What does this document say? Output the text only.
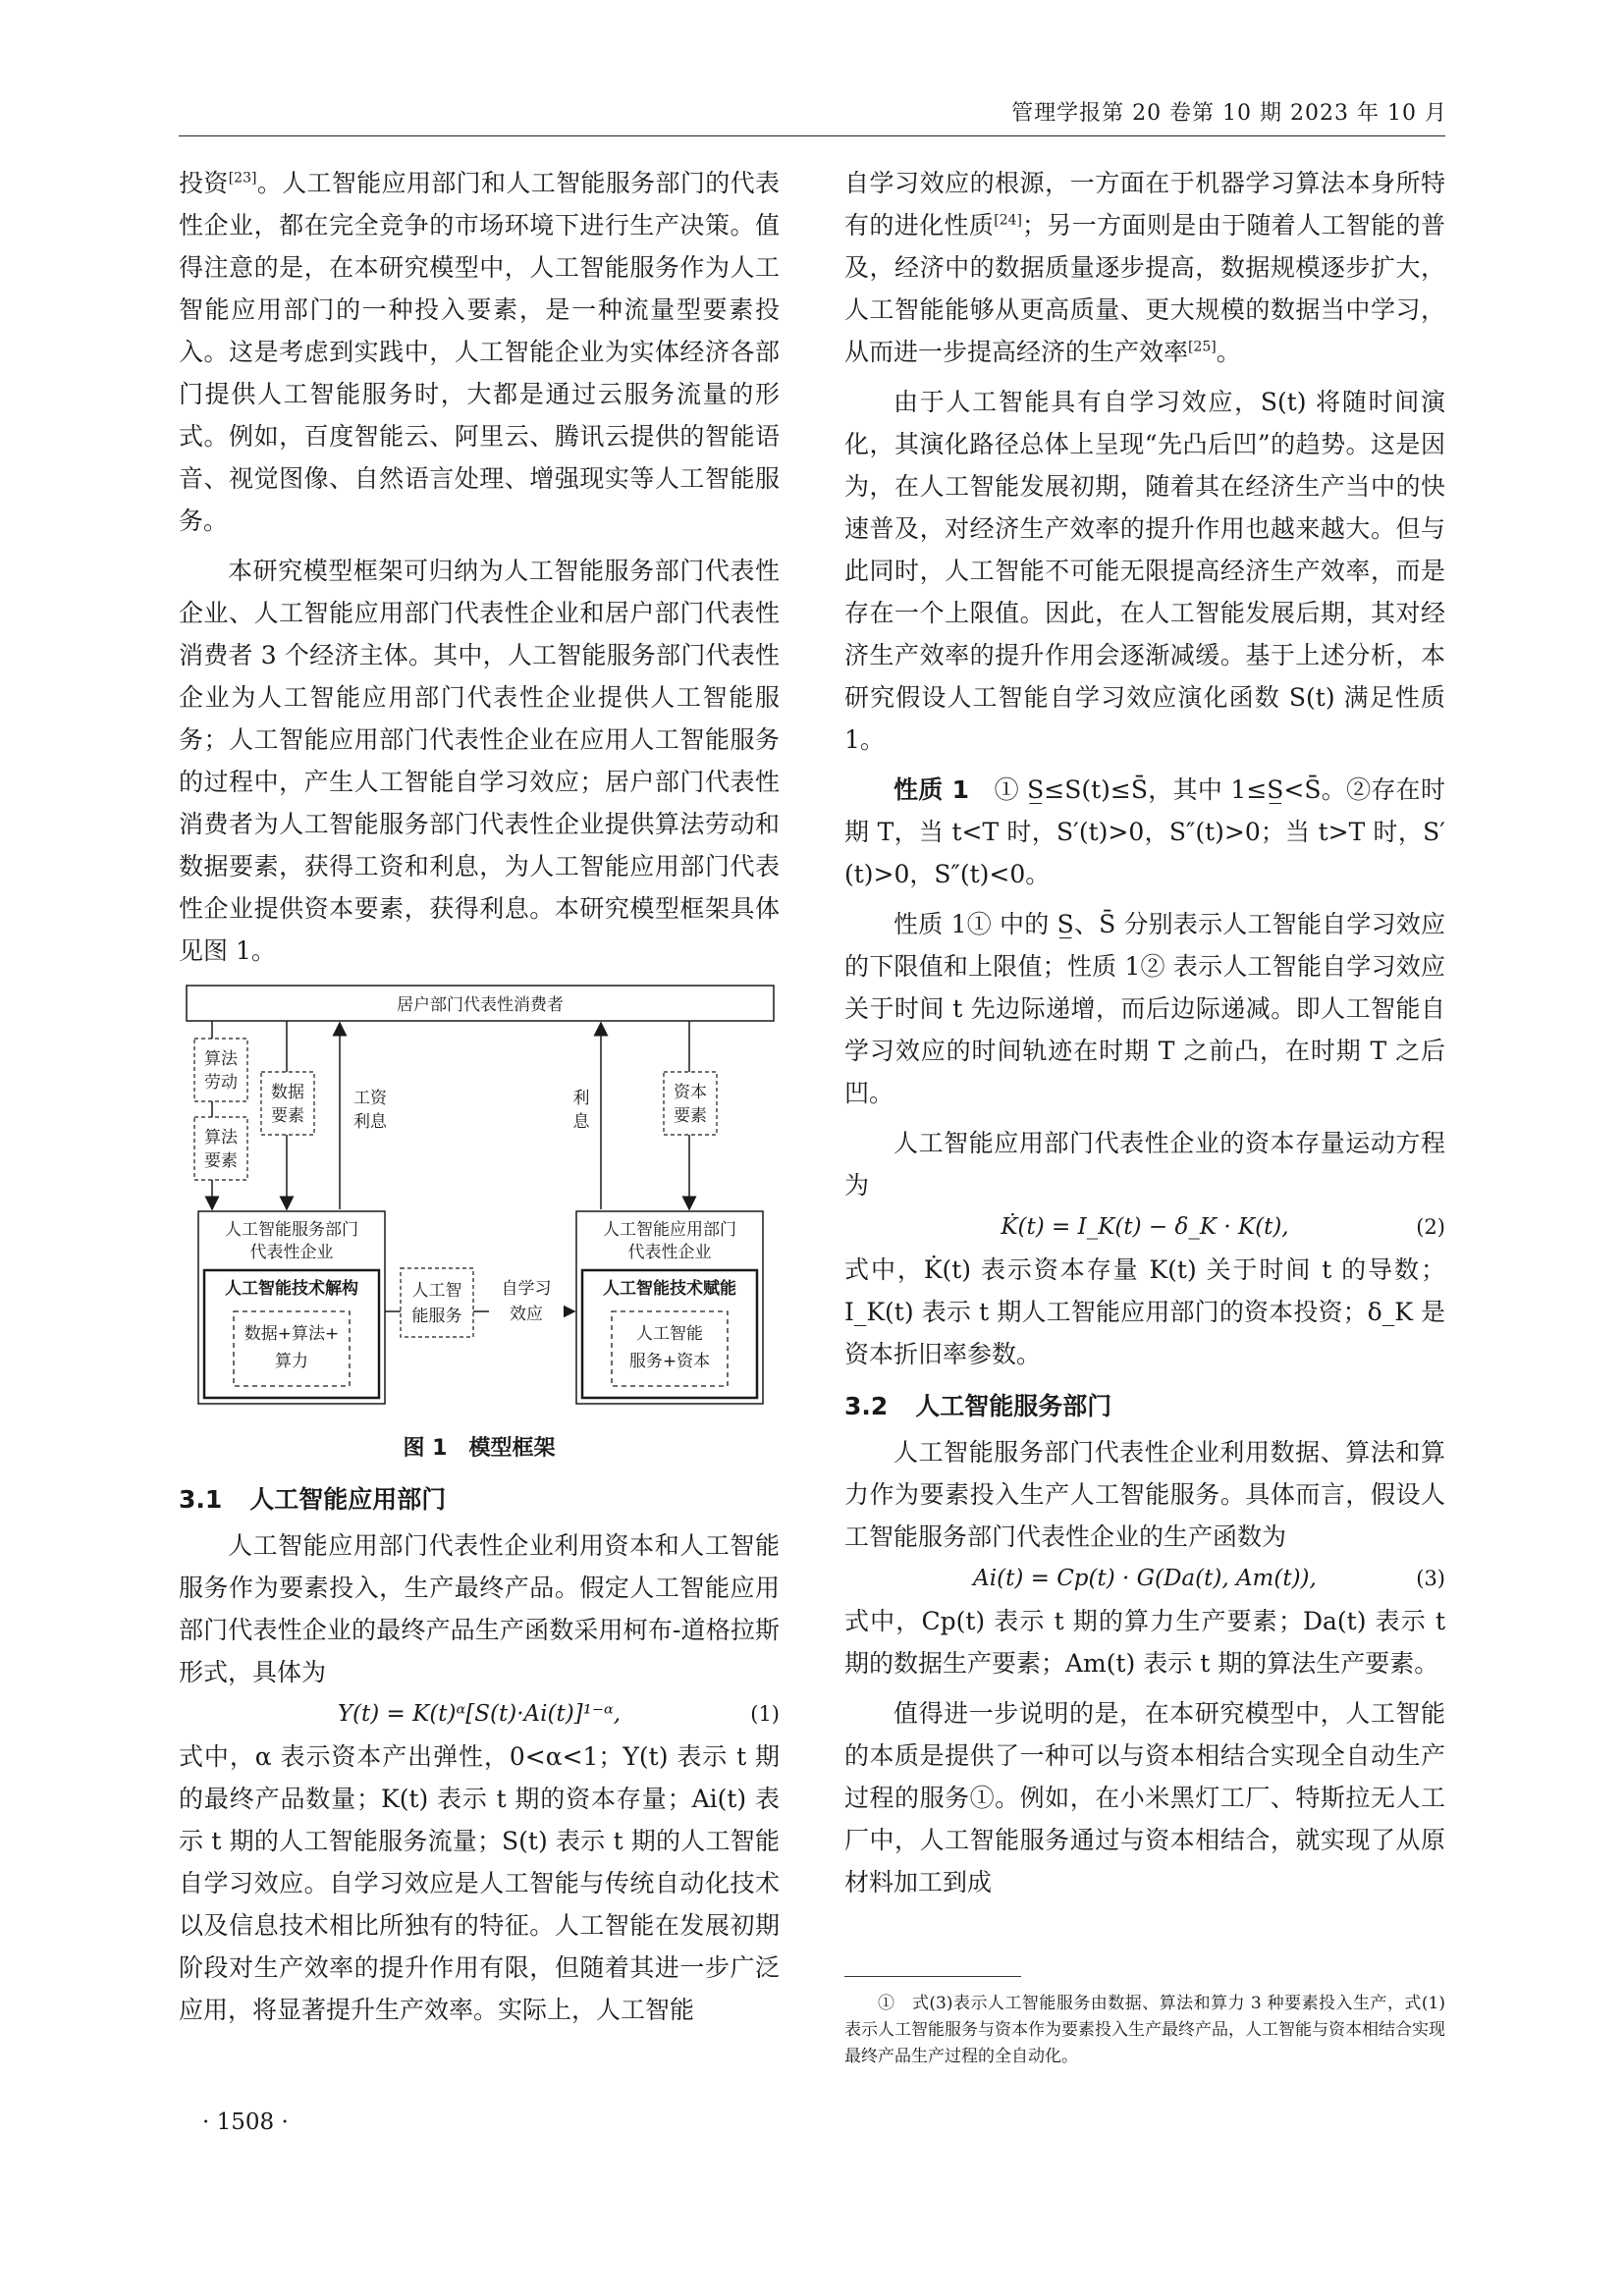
管理学报第 20 卷第 10 期 2023 年 10 月

投资[23]。人工智能应用部门和人工智能服务部门的代表性企业，都在完全竞争的市场环境下进行生产决策。值得注意的是，在本研究模型中，人工智能服务作为人工智能应用部门的一种投入要素，是一种流量型要素投入。这是考虑到实践中，人工智能企业为实体经济各部门提供人工智能服务时，大都是通过云服务流量的形式。例如，百度智能云、阿里云、腾讯云提供的智能语音、视觉图像、自然语言处理、增强现实等人工智能服务。

本研究模型框架可归纳为人工智能服务部门代表性企业、人工智能应用部门代表性企业和居户部门代表性消费者 3 个经济主体。其中，人工智能服务部门代表性企业为人工智能应用部门代表性企业提供人工智能服务；人工智能应用部门代表性企业在应用人工智能服务的过程中，产生人工智能自学习效应；居户部门代表性消费者为人工智能服务部门代表性企业提供算法劳动和数据要素，获得工资和利息，为人工智能应用部门代表性企业提供资本要素，获得利息。本研究模型框架具体见图 1。

居户部门代表性消费者
人工智能服务部门
代表性企业
人工智能技术解构
数据+算法+
算力
人工智能应用部门
代表性企业
人工智能技术赋能
人工智能
服务+资本
算法
劳动
算法
要素
数据
要素
工资
利息
利
息
资本
要素
人工智
能服务
自学习
效应
图 1　模型框架
3.1 人工智能应用部门

人工智能应用部门代表性企业利用资本和人工智能服务作为要素投入，生产最终产品。假定人工智能应用部门代表性企业的最终产品生产函数采用柯布-道格拉斯形式，具体为

Y(t) = K(t)ᵅ[S(t)·Ai(t)]¹⁻ᵅ,	(1)

式中，α 表示资本产出弹性，0<α<1；Y(t) 表示 t 期的最终产品数量；K(t) 表示 t 期的资本存量；Ai(t) 表示 t 期的人工智能服务流量；S(t) 表示 t 期的人工智能自学习效应。自学习效应是人工智能与传统自动化技术以及信息技术相比所独有的特征。人工智能在发展初期阶段对生产效率的提升作用有限，但随着其进一步广泛应用，将显著提升生产效率。实际上，人工智能

自学习效应的根源，一方面在于机器学习算法本身所特有的进化性质[24]；另一方面则是由于随着人工智能的普及，经济中的数据质量逐步提高，数据规模逐步扩大，人工智能能够从更高质量、更大规模的数据当中学习，从而进一步提高经济的生产效率[25]。

由于人工智能具有自学习效应，S(t) 将随时间演化，其演化路径总体上呈现“先凸后凹”的趋势。这是因为，在人工智能发展初期，随着其在经济生产当中的快速普及，对经济生产效率的提升作用也越来越大。但与此同时，人工智能不可能无限提高经济生产效率，而是存在一个上限值。因此，在人工智能发展后期，其对经济生产效率的提升作用会逐渐减缓。基于上述分析，本研究假设人工智能自学习效应演化函数 S(t) 满足性质 1。

性质 1　 ① S̲≤S(t)≤S̄，其中 1≤S̲<S̄。②存在时期 T，当 t<T 时，S′(t)>0，S″(t)>0；当 t>T 时，S′(t)>0，S″(t)<0。

性质 1① 中的 S̲、S̄ 分别表示人工智能自学习效应的下限值和上限值；性质 1② 表示人工智能自学习效应关于时间 t 先边际递增，而后边际递减。即人工智能自学习效应的时间轨迹在时期 T 之前凸，在时期 T 之后凹。

人工智能应用部门代表性企业的资本存量运动方程为

K̇(t) = I_K(t) − δ_K · K(t),	(2)

式中，K̇(t) 表示资本存量 K(t) 关于时间 t 的导数；I_K(t) 表示 t 期人工智能应用部门的资本投资；δ_K 是资本折旧率参数。

3.2 人工智能服务部门

人工智能服务部门代表性企业利用数据、算法和算力作为要素投入生产人工智能服务。具体而言，假设人工智能服务部门代表性企业的生产函数为

Ai(t) = Cp(t) · G(Da(t), Am(t)),	(3)

式中，Cp(t) 表示 t 期的算力生产要素；Da(t) 表示 t 期的数据生产要素；Am(t) 表示 t 期的算法生产要素。

值得进一步说明的是，在本研究模型中，人工智能的本质是提供了一种可以与资本相结合实现全自动生产过程的服务①。例如，在小米黑灯工厂、特斯拉无人工厂中，人工智能服务通过与资本相结合，就实现了从原材料加工到成

①　式(3)表示人工智能服务由数据、算法和算力 3 种要素投入生产，式(1)表示人工智能服务与资本作为要素投入生产最终产品，人工智能与资本相结合实现最终产品生产过程的全自动化。

· 1508 ·
